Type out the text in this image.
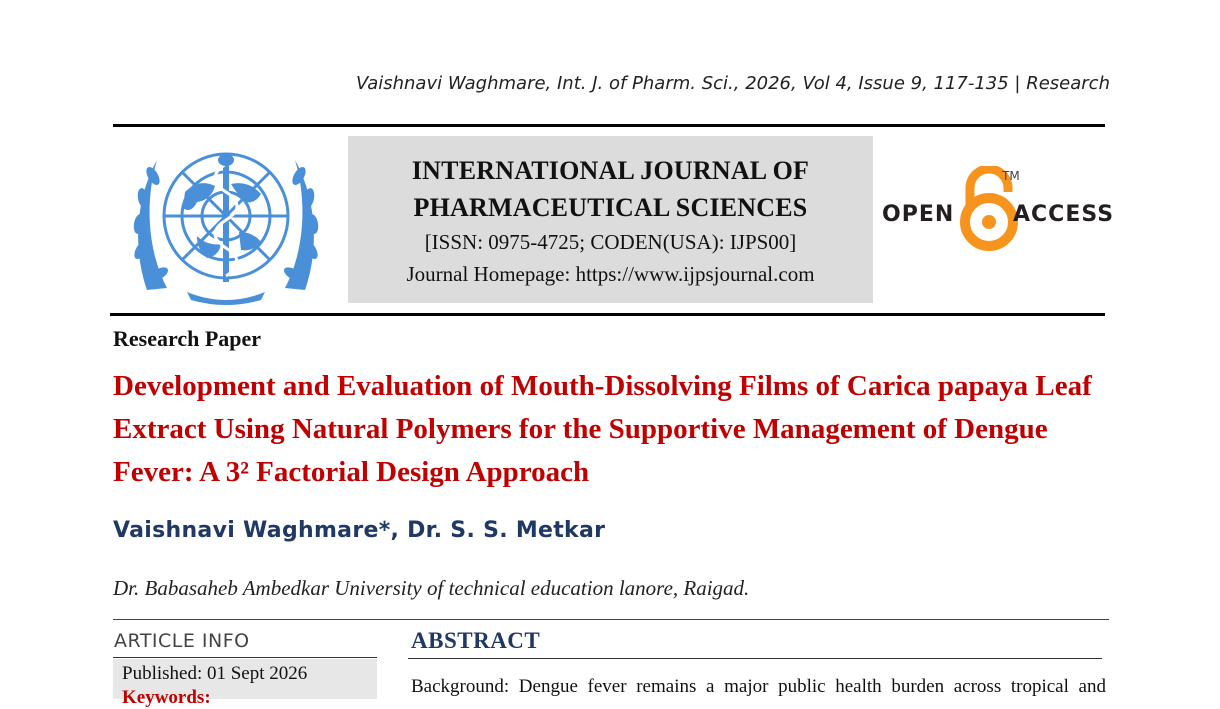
Vaishnavi Waghmare, Int. J. of Pharm. Sci., 2026, Vol 4, Issue 9, 117-135 | Research
INTERNATIONAL JOURNAL OF
PHARMACEUTICAL SCIENCES
[ISSN: 0975-4725; CODEN(USA): IJPS00]
Journal Homepage: https://www.ijpsjournal.com
OPEN
TM
ACCESS
Research Paper
Development and Evaluation of Mouth-Dissolving Films of Carica papaya Leaf Extract Using Natural Polymers for the Supportive Management of Dengue Fever: A 3² Factorial Design Approach
Vaishnavi Waghmare*, Dr. S. S. Metkar
Dr. Babasaheb Ambedkar University of technical education lanore, Raigad.
ARTICLE INFO
Published: 01 Sept 2026
Keywords:
ABSTRACT
Background: Dengue fever remains a major public health burden across tropical and
